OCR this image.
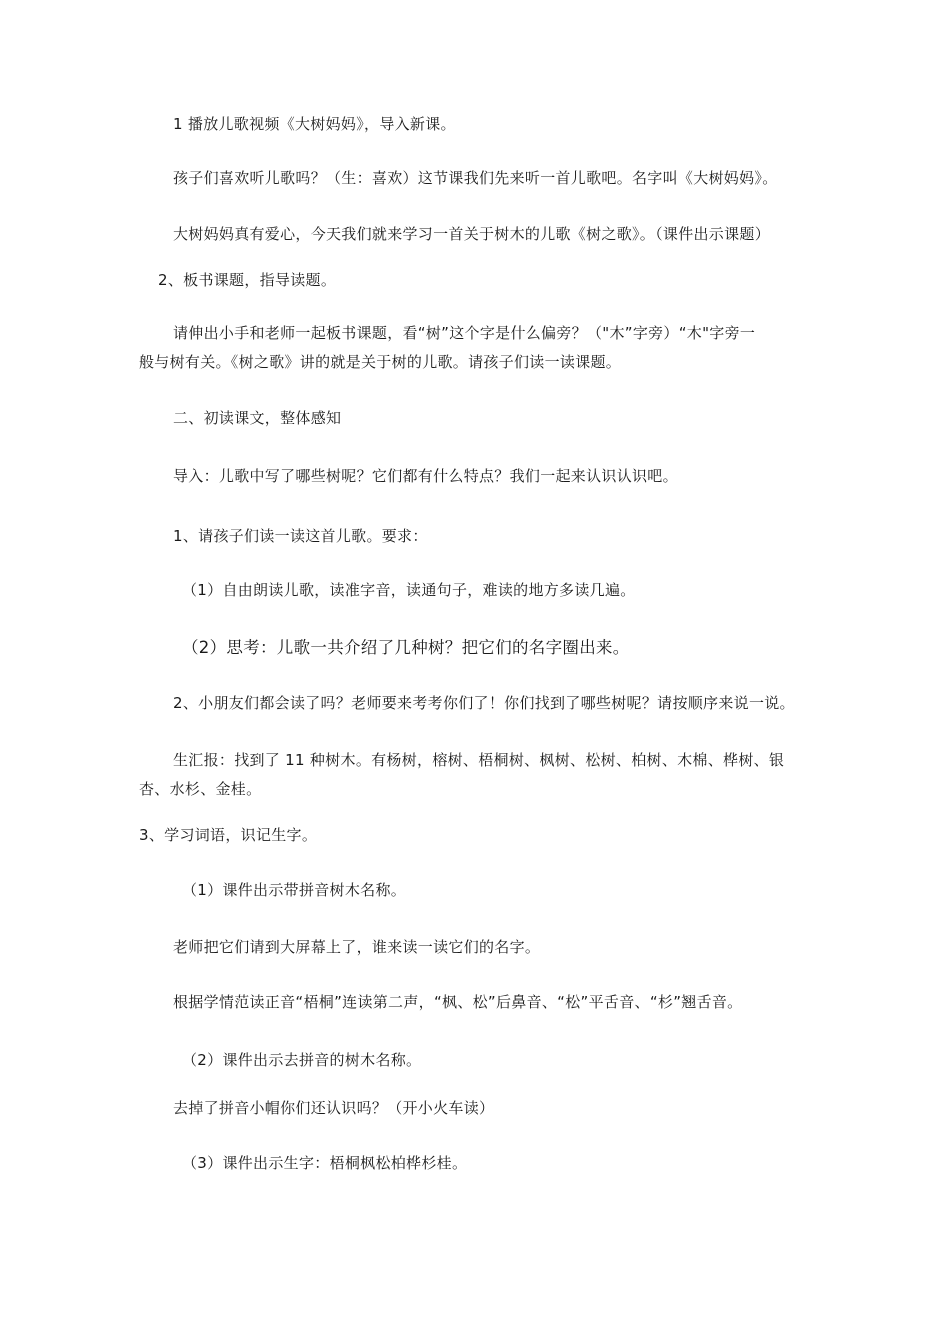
1 播放儿歌视频《大树妈妈》，导入新课。
孩子们喜欢听儿歌吗？（生：喜欢）这节课我们先来听一首儿歌吧。名字叫《大树妈妈》。
大树妈妈真有爱心，今天我们就来学习一首关于树木的儿歌《树之歌》。（课件出示课题）
2、板书课题，指导读题。
请伸出小手和老师一起板书课题，看“树”这个字是什么偏旁？（"木”字旁）“木"字旁一
般与树有关。《树之歌》讲的就是关于树的儿歌。请孩子们读一读课题。
二、初读课文，整体感知
导入：儿歌中写了哪些树呢？它们都有什么特点？我们一起来认识认识吧。
1、请孩子们读一读这首儿歌。要求：
（1）自由朗读儿歌，读准字音，读通句子，难读的地方多读几遍。
（2）思考：儿歌一共介绍了几种树？把它们的名字圈出来。
2、小朋友们都会读了吗？老师要来考考你们了！你们找到了哪些树呢？请按顺序来说一说。
生汇报：找到了 11 种树木。有杨树，榕树、梧桐树、枫树、松树、柏树、木棉、桦树、银
杏、水杉、金桂。
3、学习词语，识记生字。
（1）课件出示带拼音树木名称。
老师把它们请到大屏幕上了，谁来读一读它们的名字。
根据学情范读正音“梧桐”连读第二声，“枫、松”后鼻音、“松”平舌音、“杉”翘舌音。
（2）课件出示去拼音的树木名称。
去掉了拼音小帽你们还认识吗？（开小火车读）
（3）课件出示生字：梧桐枫松柏桦杉桂。
